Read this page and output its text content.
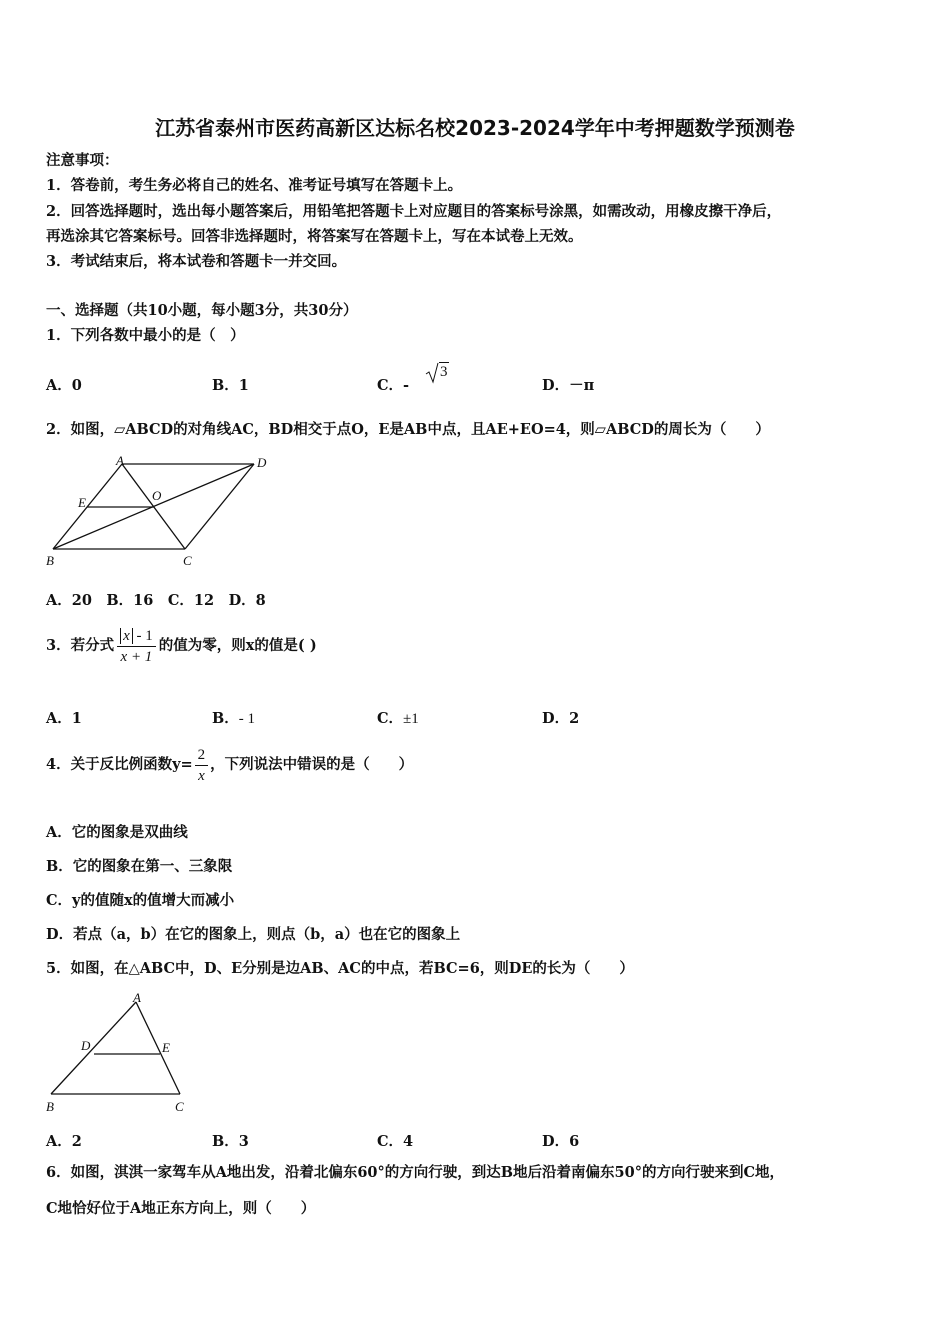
江苏省泰州市医药高新区达标名校2023-2024学年中考押题数学预测卷
注意事项：
1．答卷前，考生务必将自己的姓名、准考证号填写在答题卡上。
2．回答选择题时，选出每小题答案后，用铅笔把答题卡上对应题目的答案标号涂黑，如需改动，用橡皮擦干净后，
再选涂其它答案标号。回答非选择题时，将答案写在答题卡上，写在本试卷上无效。
3．考试结束后，将本试卷和答题卡一并交回。
一、选择题（共10小题，每小题3分，共30分）
1．下列各数中最小的是（　）
A．0	B．1	C．-
3
D．－π
2．如图，▱ABCD的对角线AC，BD相交于点O，E是AB中点，且AE+EO=4，则▱ABCD的周长为（　　）
A	D
E	O
B	C
A．20　B．16　C．12　D．8
3．若分式 $\frac{x - 1}{x + 1}$ 的值为零，则x的值是( )
A．1	B．- 1	C．±1	D．2
4．关于反比例函数$y= \frac{2}{x}$ ，下列说法中错误的是（　　）
A．它的图象是双曲线
B．它的图象在第一、三象限
C．y的值随x的值增大而减小
D．若点（a，b）在它的图象上，则点（b，a）也在它的图象上
5．如图，在△ABC中，D、E分别是边AB、AC的中点，若BC=6，则DE的长为（　　）
A
D	E
B	C
A．2	B．3	C．4	D．6
6．如图，淇淇一家驾车从A地出发，沿着北偏东60°的方向行驶，到达B地后沿着南偏东50°的方向行驶来到C地，
C地恰好位于A地正东方向上，则（　　）
